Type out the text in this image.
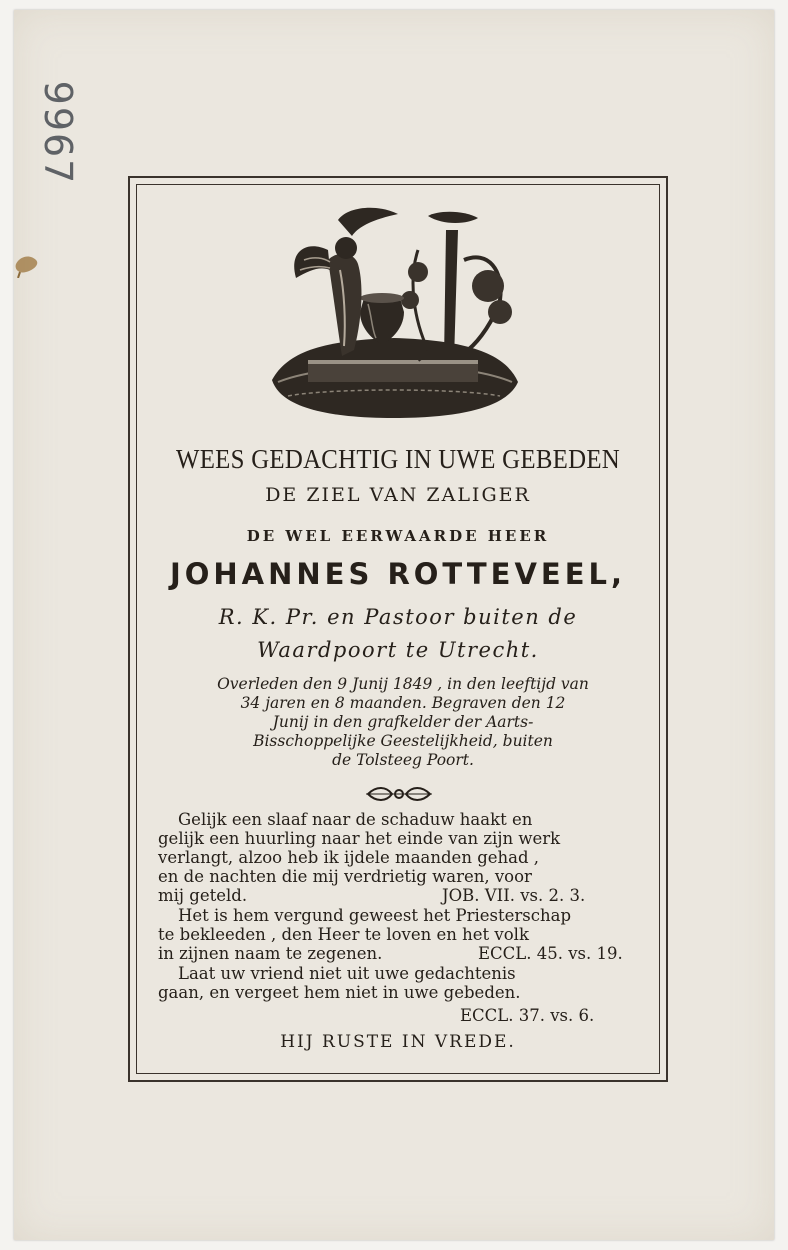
9967
WEES GEDACHTIG IN UWE GEBEDEN
DE ZIEL VAN ZALIGER
DE WEL EERWAARDE HEER
JOHANNES ROTTEVEEL,
R. K. Pr. en Pastoor buiten de
Waardpoort te Utrecht.
Overleden den 9 Junij 1849 , in den leeftijd van
34 jaren en 8 maanden. Begraven den 12
Junij in den grafkelder der Aarts-
Bisschoppelijke Geestelijkheid, buiten
de Tolsteeg Poort.
Gelijk een slaaf naar de schaduw haakt en
gelijk een huurling naar het einde van zijn werk
verlangt, alzoo heb ik ijdele maanden gehad ,
en de nachten die mij verdrietig waren, voor
mij geteld.	JOB. VII. vs. 2. 3.
Het is hem vergund geweest het Priesterschap
te bekleeden , den Heer te loven en het volk
in zijnen naam te zegenen.	ECCL. 45. vs. 19.
Laat uw vriend niet uit uwe gedachtenis
gaan, en vergeet hem niet in uwe gebeden.
ECCL. 37. vs. 6.
HIJ RUSTE IN VREDE.
